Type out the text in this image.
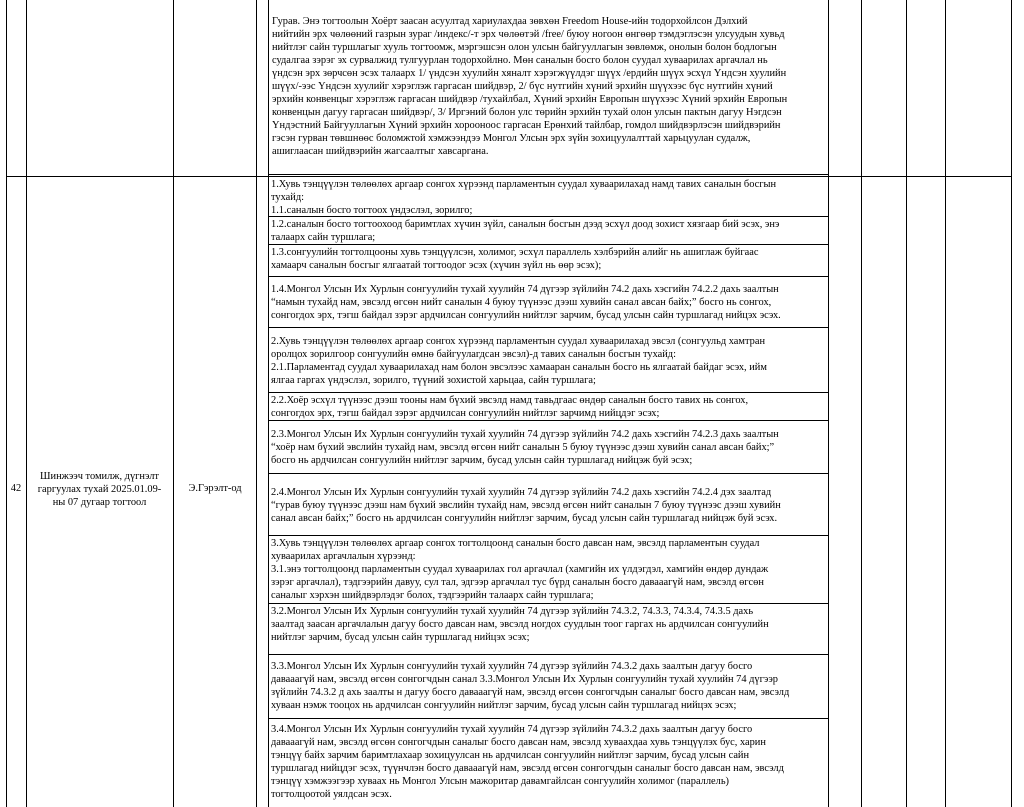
Гурав. Энэ тогтоолын Хоёрт заасан асуултад хариулахдаа зөвхөн Freedom House-ийн тодорхойлсон Дэлхий
нийтийн эрх чөлөөний газрын зураг /индекс/-т эрх чөлөөтэй /free/ буюу ногоон өнгөөр тэмдэглэсэн улсуудын хувьд
нийтлэг сайн туршлагыг хууль тогтоомж, мэргэшсэн олон улсын байгууллагын зөвлөмж, онолын болон бодлогын
судалгаа зэрэг эх сурвалжид тулгуурлан тодорхойлно. Мөн саналын босго болон суудал хуваарилах аргачлал нь
үндсэн эрх зөрчсөн эсэх талаарх 1/ үндсэн хуулийн хяналт хэрэгжүүлдэг шүүх /ердийн шүүх эсхүл Үндсэн хуулийн
шүүх/-ээс Үндсэн хуулийг хэрэглэж гаргасан шийдвэр, 2/ бүс нутгийн хүний эрхийн шүүхээс бүс нутгийн хүний
эрхийн конвенцыг хэрэглэж гаргасан шийдвэр /тухайлбал, Хүний эрхийн Европын шүүхээс Хүний эрхийн Европын
конвенцын дагуу гаргасан шийдвэр/, 3/ Иргэний болон улс төрийн эрхийн тухай олон улсын пактын дагуу Нэгдсэн
Үндэстний Байгууллагын Хүний эрхийн хорооноос гаргасан Ерөнхий тайлбар, гомдол шийдвэрлэсэн шийдвэрийн
гэсэн гурван төвшнөөс боломжтой хэмжээндээ Монгол Улсын эрх зүйн зохицуулалттай харьцуулан судалж,
ашиглаасан шийдвэрийн жагсаалтыг хавсаргана.

42
Шинжээч томилж, дүгнэлт
гаргуулах тухай 2025.01.09-
ны 07 дугаар тогтоол
Э.Гэрэлт-од

1.Хувь тэнцүүлэн төлөөлөх аргаар сонгох хүрээнд парламентын суудал хуваарилахад намд тавих саналын босгын
тухайд:
1.1.саналын босго тогтоох үндэслэл, зорилго;

1.2.саналын босго тогтоохоод баримтлах хүчин зүйл, саналын босгын дээд эсхүл доод зохист хязгаар бий эсэх, энэ
талаарх сайн туршлага;

1.3.сонгуулийн тогтолцооны хувь тэнцүүлсэн, холимог, эсхүл параллель хэлбэрийн алийг нь ашиглаж буйгаас
хамаарч саналын босгыг ялгаатай тогтоодог эсэх (хүчин зүйл нь өөр эсэх);

1.4.Монгол Улсын Их Хурлын сонгуулийн тухай хуулийн 74 дүгээр зүйлийн 74.2 дахь хэсгийн 74.2.2 дахь заалтын
“намын тухайд нам, эвсэлд өгсөн нийт саналын 4 буюу түүнээс дээш хувийн санал авсан байх;” босго нь сонгох,
сонгогдох эрх, тэгш байдал зэрэг ардчилсан сонгуулийн нийтлэг зарчим, бусад улсын сайн туршлагад нийцэх эсэх.

2.Хувь тэнцүүлэн төлөөлөх аргаар сонгох хүрээнд парламентын суудал хуваарилахад эвсэл (сонгуульд хамтран
оролцох зорилгоор сонгуулийн өмнө байгуулагдсан эвсэл)-д тавих саналын босгын тухайд:
2.1.Парламентад суудал хуваарилахад нам болон эвсэлээс хамааран саналын босго нь ялгаатай байдаг эсэх, ийм
ялгаа гаргах үндэслэл, зорилго, түүний зохистой харьцаа, сайн туршлага;

2.2.Хоёр эсхүл түүнээс дээш тооны нам бүхий эвсэлд намд тавьдгаас өндөр саналын босго тавих нь сонгох,
сонгогдох эрх, тэгш байдал зэрэг ардчилсан сонгуулийн нийтлэг зарчимд нийцдэг эсэх;

2.3.Монгол Улсын Их Хурлын сонгуулийн тухай хуулийн 74 дүгээр зүйлийн 74.2 дахь хэсгийн 74.2.3 дахь заалтын
“хоёр нам бүхий эвслийн тухайд нам, эвсэлд өгсөн нийт саналын 5 буюу түүнээс дээш хувийн санал авсан байх;”
босго нь ардчилсан сонгуулийн нийтлэг зарчим, бусад улсын сайн туршлагад нийцэж буй эсэх;

2.4.Монгол Улсын Их Хурлын сонгуулийн тухай хуулийн 74 дүгээр зүйлийн 74.2 дахь хэсгийн 74.2.4 дэх заалтад
“гурав буюу түүнээс дээш нам бүхий эвслийн тухайд нам, эвсэлд өгсөн нийт саналын 7 буюу түүнээс дээш хувийн
санал авсан байх;” босго нь ардчилсан сонгуулийн нийтлэг зарчим, бусад улсын сайн туршлагад нийцэж буй эсэх.

3.Хувь тэнцүүлэн төлөөлөх аргаар сонгох тогтолцоонд саналын босго давсан нам, эвсэлд парламентын суудал
хуваарилах аргачлалын хүрээнд:
3.1.энэ тогтолцоонд парламентын суудал хуваарилах гол аргачлал (хамгийн их үлдэгдэл, хамгийн өндөр дундаж
зэрэг аргачлал), тэдгээрийн давуу, сул тал, эдгээр аргачлал тус бүрд саналын босго давааагүй нам, эвсэлд өгсөн
саналыг хэрхэн шийдвэрлэдэг болох, тэдгээрийн талаарх сайн туршлага;

3.2.Монгол Улсын Их Хурлын сонгуулийн тухай хуулийн 74 дүгээр зүйлийн 74.3.2, 74.3.3, 74.3.4, 74.3.5 дахь
заалтад заасан аргачлалын дагуу босго давсан нам, эвсэлд ногдох суудлын тоог гаргах нь ардчилсан сонгуулийн
нийтлэг зарчим, бусад улсын сайн туршлагад нийцэх эсэх;

3.3.Монгол Улсын Их Хурлын сонгуулийн тухай хуулийн 74 дүгээр зүйлийн 74.3.2 дахь заалтын дагуу босго
давааагүй нам, эвсэлд өгсөн сонгогчдын санал 3.3.Монгол Улсын Их Хурлын сонгуулийн тухай хуулийн 74 дүгээр
зүйлийн 74.3.2 д ахь заалты н дагуу босго давааагүй нам, эвсэлд өгсөн сонгогчдын саналыг босго давсан нам, эвсэлд
хуваан нэмж тооцох нь ардчилсан сонгуулийн нийтлэг зарчим, бусад улсын сайн туршлагад нийцэх эсэх;

3.4.Монгол Улсын Их Хурлын сонгуулийн тухай хуулийн 74 дүгээр зүйлийн 74.3.2 дахь заалтын дагуу босго
давааагүй нам, эвсэлд өгсөн сонгогчдын саналыг босго давсан нам, эвсэлд хуваахдаа хувь тэнцүүлэх бус, харин
тэнцүү байх зарчим баримтлахаар зохицуулсан нь ардчилсан сонгуулийн нийтлэг зарчим, бусад улсын сайн
туршлагад нийцдэг эсэх, түүнчлэн босго давааагүй нам, эвсэлд өгсөн сонгогчдын саналыг босго давсан нам, эвсэлд
тэнцүү хэмжээгээр хуваах нь Монгол Улсын мажоритар давамгайлсан сонгуулийн холимог (параллель)
тогтолцоотой уялдсан эсэх.
